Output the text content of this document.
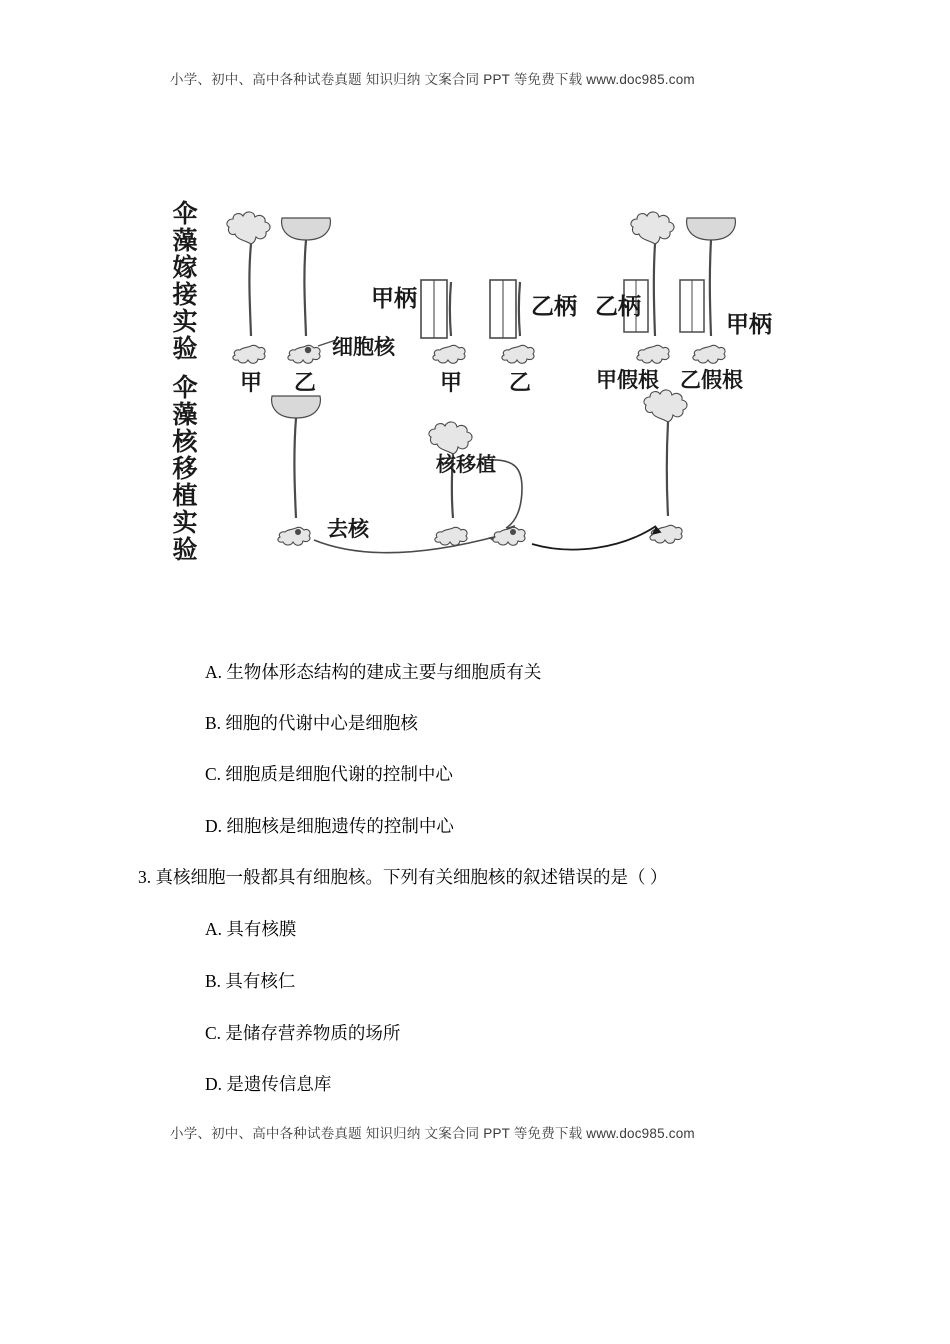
小学、初中、高中各种试卷真题 知识归纳 文案合同 PPT 等免费下载 www.doc985.com
伞藻嫁接实验
伞藻核移植实验
细胞核
甲 乙
甲柄
甲 乙
乙柄 乙柄
甲柄
甲假根 乙假根
去核
核移植
A. 生物体形态结构的建成主要与细胞质有关
B. 细胞的代谢中心是细胞核
C. 细胞质是细胞代谢的控制中心
D. 细胞核是细胞遗传的控制中心
3. 真核细胞一般都具有细胞核。下列有关细胞核的叙述错误的是（ ）
A. 具有核膜
B. 具有核仁
C. 是储存营养物质的场所
D. 是遗传信息库
小学、初中、高中各种试卷真题 知识归纳 文案合同 PPT 等免费下载 www.doc985.com
